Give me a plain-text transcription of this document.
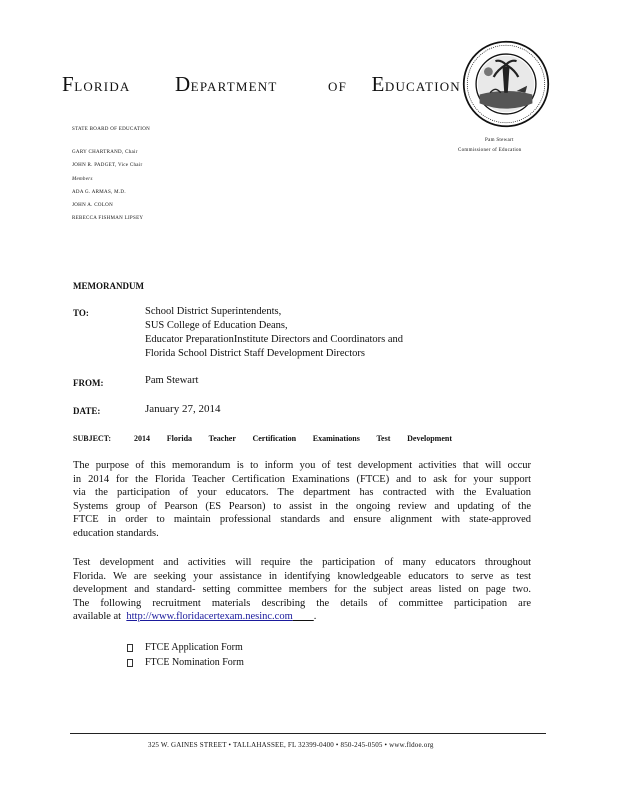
FLORIDA DEPARTMENT	OF EDUCATION
STATE BOARD OF EDUCATION
GARY CHARTRAND, Chair
JOHN R. PADGET, Vice Chair
Members
ADA G. ARMAS, M.D.
JOHN A. COLON
REBECCA FISHMAN LIPSEY
Pam Stewart
Commissioner of Education
MEMORANDUM
TO:	School District Superintendents,
SUS College of Education Deans,
Educator PreparationInstitute Directors and Coordinators and
Florida School District Staff Development Directors
FROM:	Pam Stewart
DATE:	January 27, 2014
SUBJECT:	2014 Florida Teacher Certification Examinations Test Development

The purpose of this memorandum is to inform you of test development activities that will occur

in 2014 for the Florida Teacher Certification Examinations (FTCE) and to ask for your support

via the participation of your educators. The department has contracted with the Evaluation

Systems group of Pearson (ES Pearson) to assist in the ongoing review and updating of the

FTCE in order to maintain professional standards and ensure alignment with state-approved

education standards.

Test development and activities will require the participation of many educators throughout

Florida. We are seeking your assistance in identifying knowledgeable educators to serve as test

development and standard- setting committee members for the subject areas listed on page two.

The following recruitment materials describing the details of committee participation are

available at http://www.floridacertexam.nesinc.com .

FTCE Application Form
FTCE Nomination Form
325 W. GAINES STREET • TALLAHASSEE, FL 32399-0400 • 850-245-0505 • www.fldoe.org
